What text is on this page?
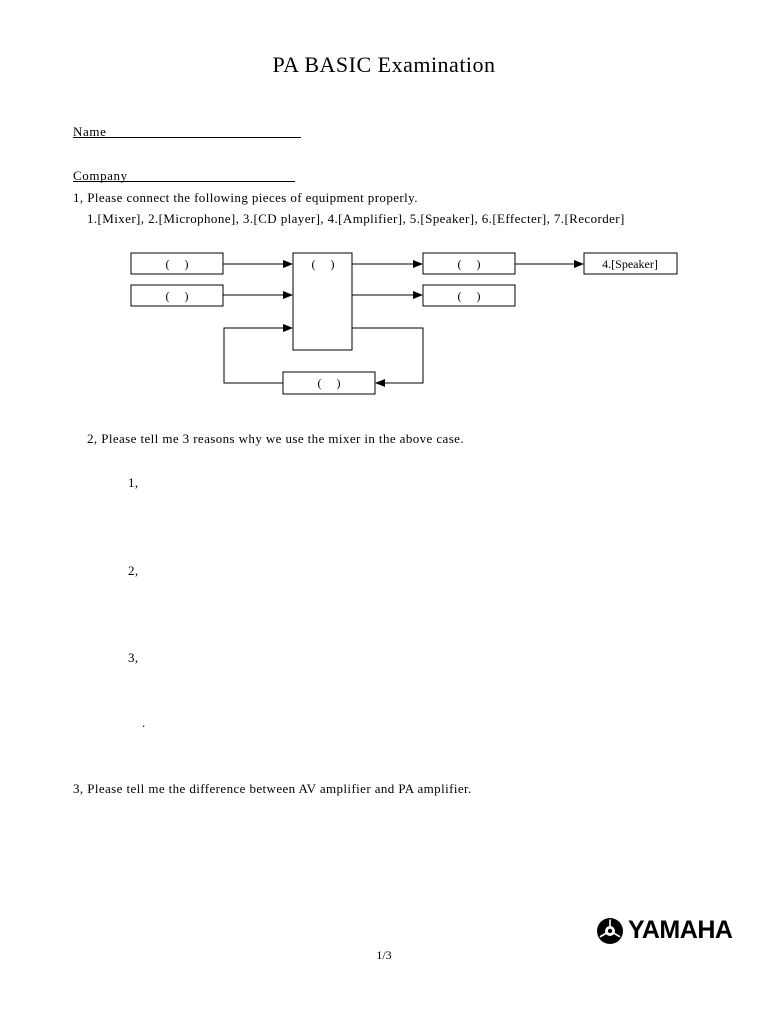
PA BASIC Examination
Name
Company
1, Please connect the following pieces of equipment properly.
1.[Mixer], 2.[Microphone], 3.[CD player], 4.[Amplifier], 5.[Speaker], 6.[Effecter], 7.[Recorder]
(     )
(     )
(     )	(     )
(     )
4.[Speaker]
(     )
2, Please tell me 3 reasons why we use the mixer in the above case.
1,
2,
3,
.
3, Please tell me the difference between AV amplifier and PA amplifier.
YAMAHA
1/3
